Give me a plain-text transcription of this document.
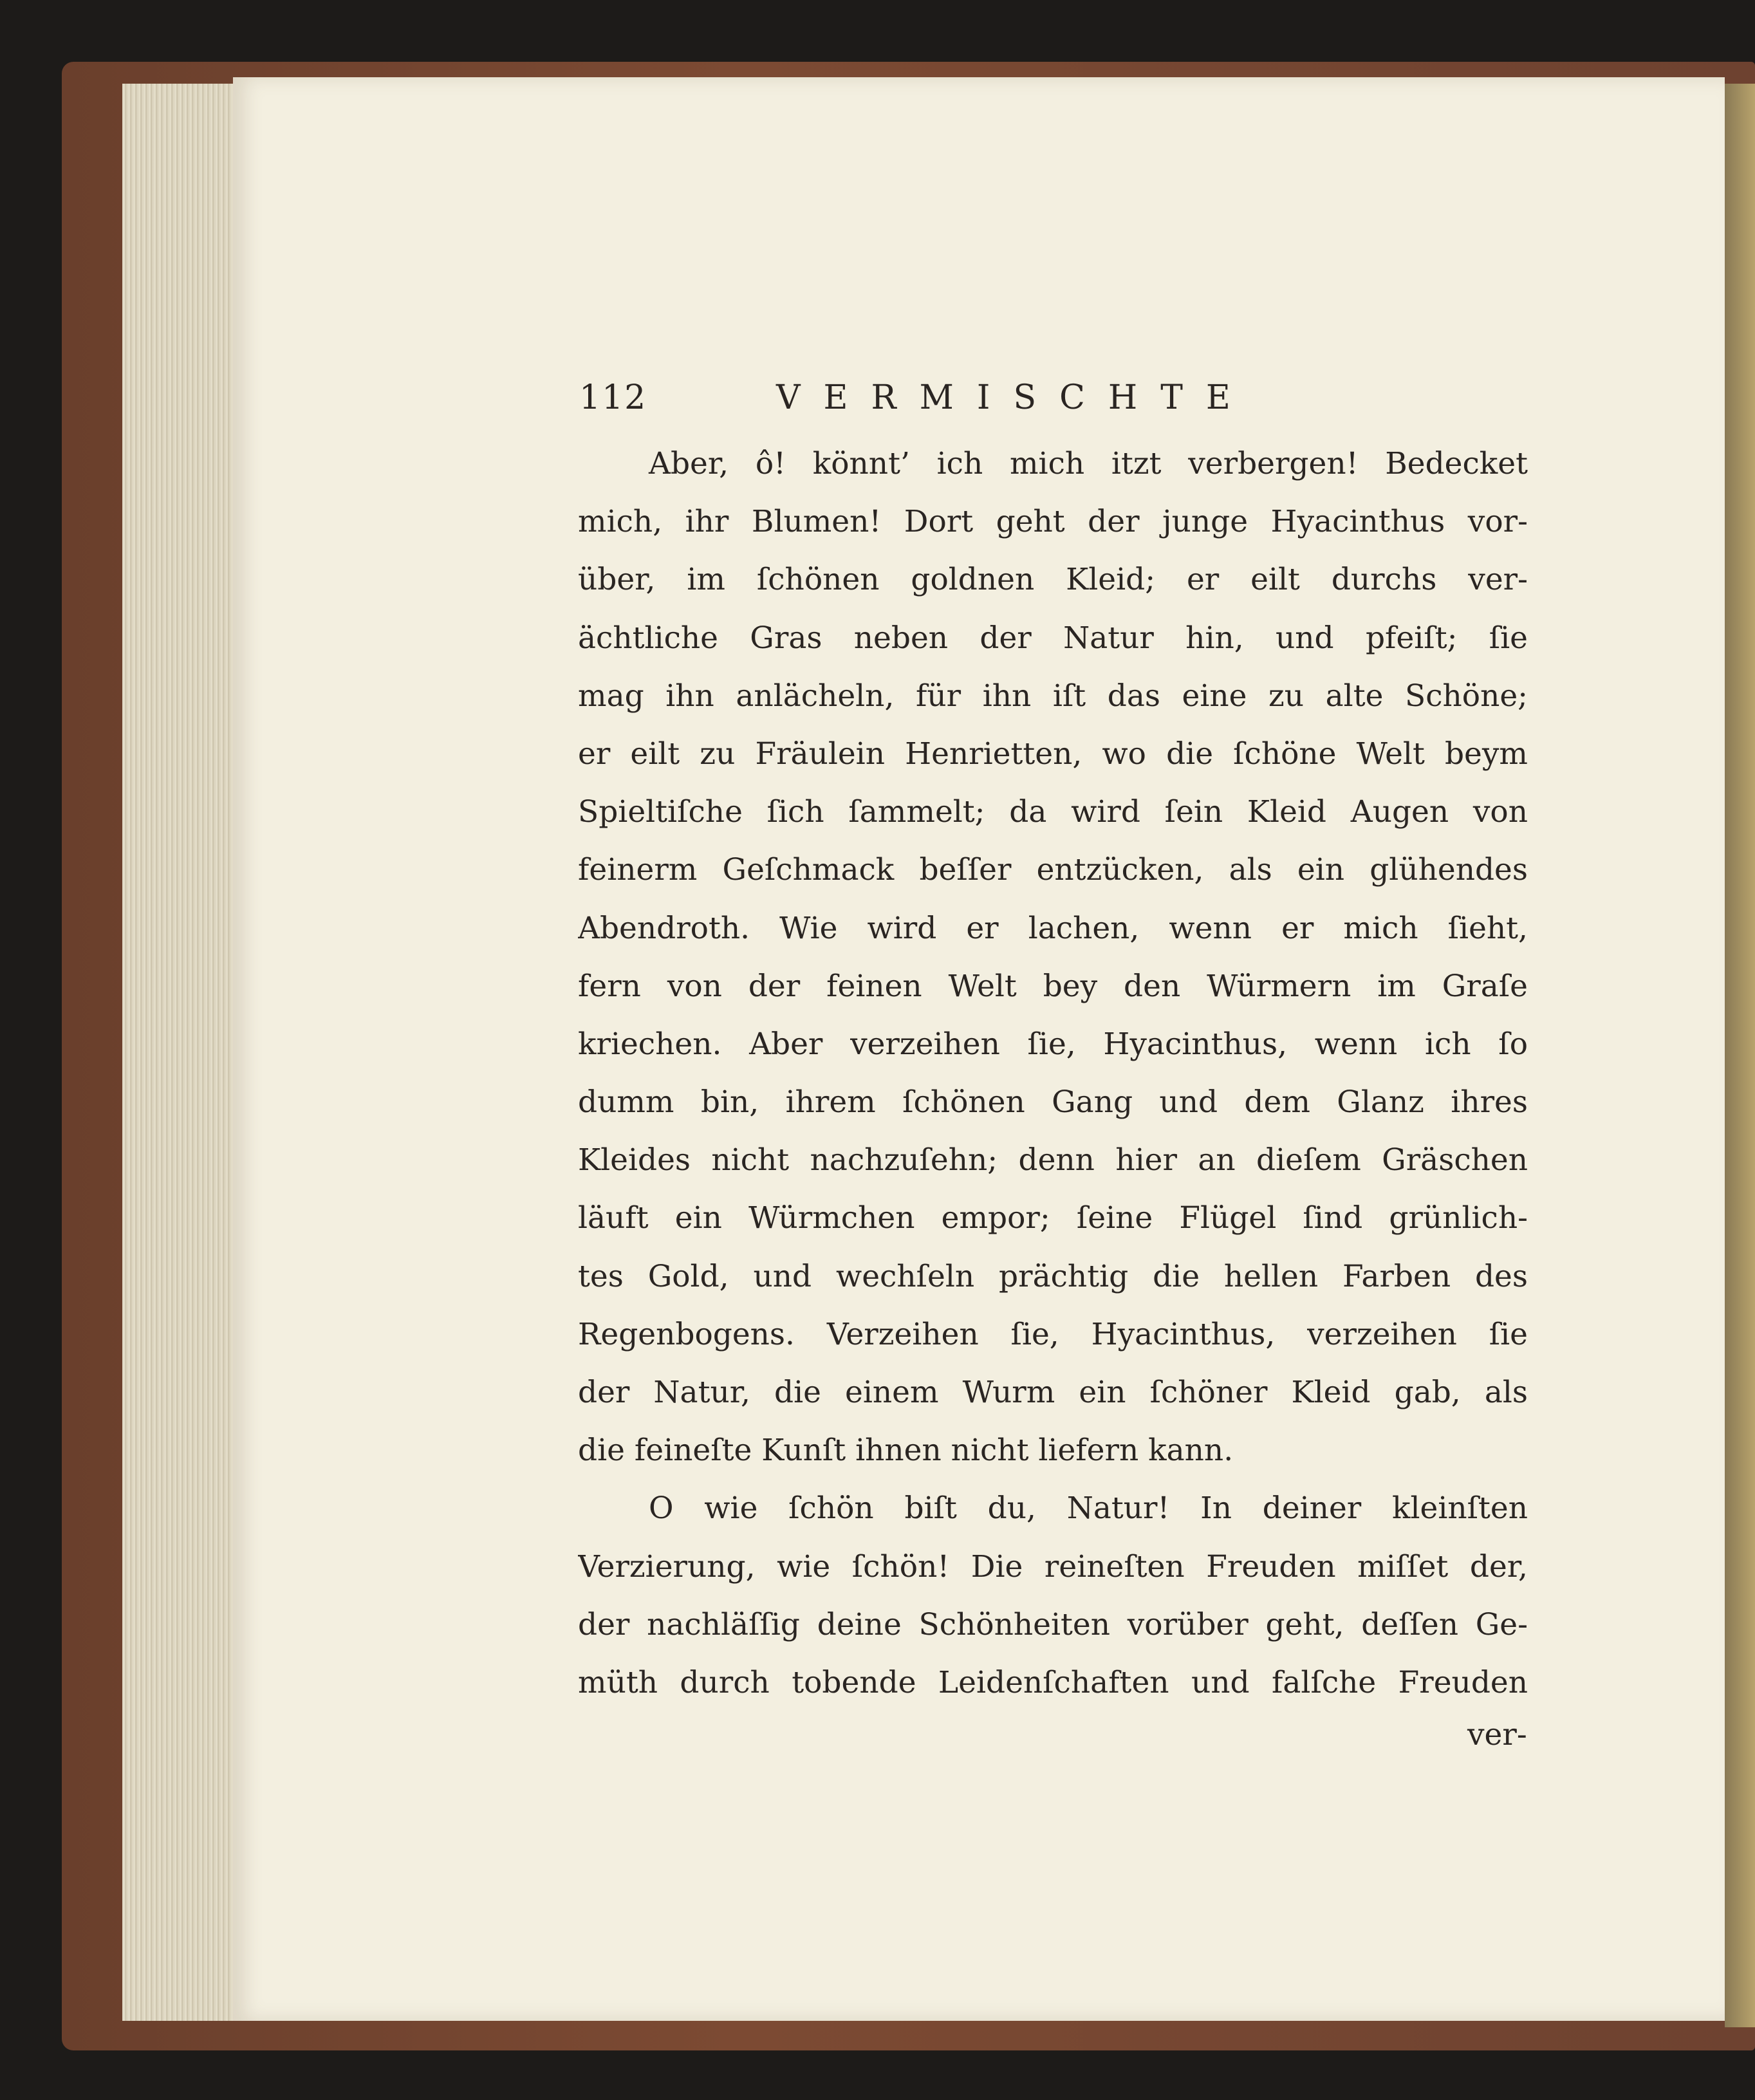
112	VERMISCHTE
Aber, ô! könnt’ ich mich itzt verbergen! Bedecket
mich, ihr Blumen! Dort geht der junge Hyacinthus vor-
über, im ſchönen goldnen Kleid; er eilt durchs ver-
ächtliche Gras neben der Natur hin, und pfeiſt; ſie
mag ihn anlächeln, für ihn iſt das eine zu alte Schöne;
er eilt zu Fräulein Henrietten, wo die ſchöne Welt beym
Spieltiſche ſich ſammelt; da wird ſein Kleid Augen von
feinerm Geſchmack beſſer entzücken, als ein glühendes
Abendroth. Wie wird er lachen, wenn er mich ſieht,
fern von der feinen Welt bey den Würmern im Graſe
kriechen. Aber verzeihen ſie, Hyacinthus, wenn ich ſo
dumm bin, ihrem ſchönen Gang und dem Glanz ihres
Kleides nicht nachzuſehn; denn hier an dieſem Gräschen
läuft ein Würmchen empor; ſeine Flügel ſind grünlich-
tes Gold, und wechſeln prächtig die hellen Farben des
Regenbogens. Verzeihen ſie, Hyacinthus, verzeihen ſie
der Natur, die einem Wurm ein ſchöner Kleid gab, als
die feineſte Kunſt ihnen nicht liefern kann.
O wie ſchön biſt du, Natur! In deiner kleinſten
Verzierung, wie ſchön! Die reineſten Freuden miſſet der,
der nachläſſig deine Schönheiten vorüber geht, deſſen Ge-
müth durch tobende Leidenſchaften und falſche Freuden
ver-
